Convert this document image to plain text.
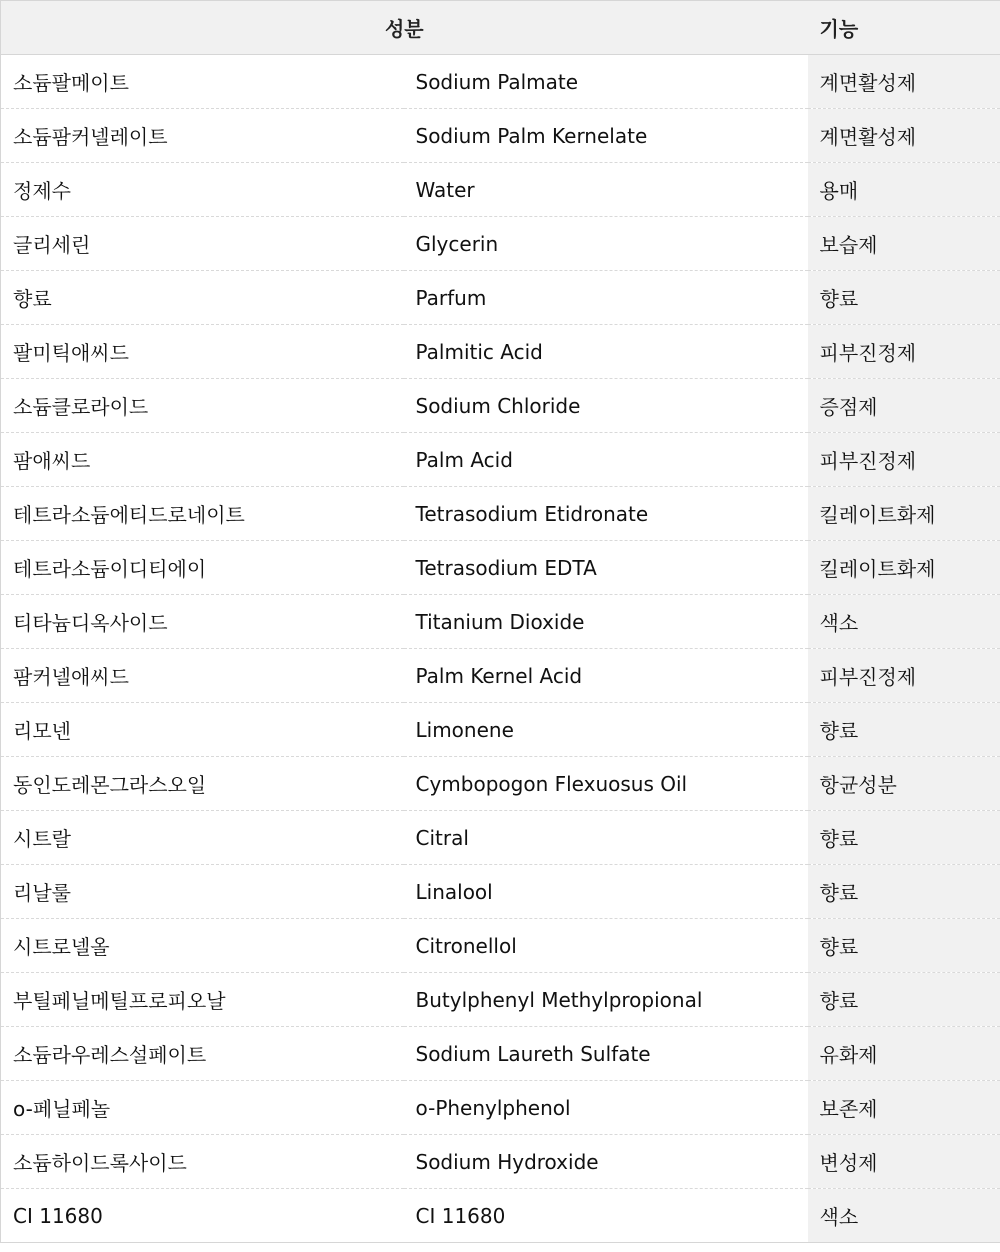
성분		기능
소듐팔메이트	Sodium Palmate	계면활성제
소듐팜커넬레이트	Sodium Palm Kernelate	계면활성제
정제수	Water	용매
글리세린	Glycerin	보습제
향료	Parfum	향료
팔미틱애씨드	Palmitic Acid	피부진정제
소듐클로라이드	Sodium Chloride	증점제
팜애씨드	Palm Acid	피부진정제
테트라소듐에티드로네이트	Tetrasodium Etidronate	킬레이트화제
테트라소듐이디티에이	Tetrasodium EDTA	킬레이트화제
티타늄디옥사이드	Titanium Dioxide	색소
팜커넬애씨드	Palm Kernel Acid	피부진정제
리모넨	Limonene	향료
동인도레몬그라스오일	Cymbopogon Flexuosus Oil	항균성분
시트랄	Citral	향료
리날룰	Linalool	향료
시트로넬올	Citronellol	향료
부틸페닐메틸프로피오날	Butylphenyl Methylpropional	향료
소듐라우레스설페이트	Sodium Laureth Sulfate	유화제
o-페닐페놀	o-Phenylphenol	보존제
소듐하이드록사이드	Sodium Hydroxide	변성제
CI 11680	CI 11680	색소
